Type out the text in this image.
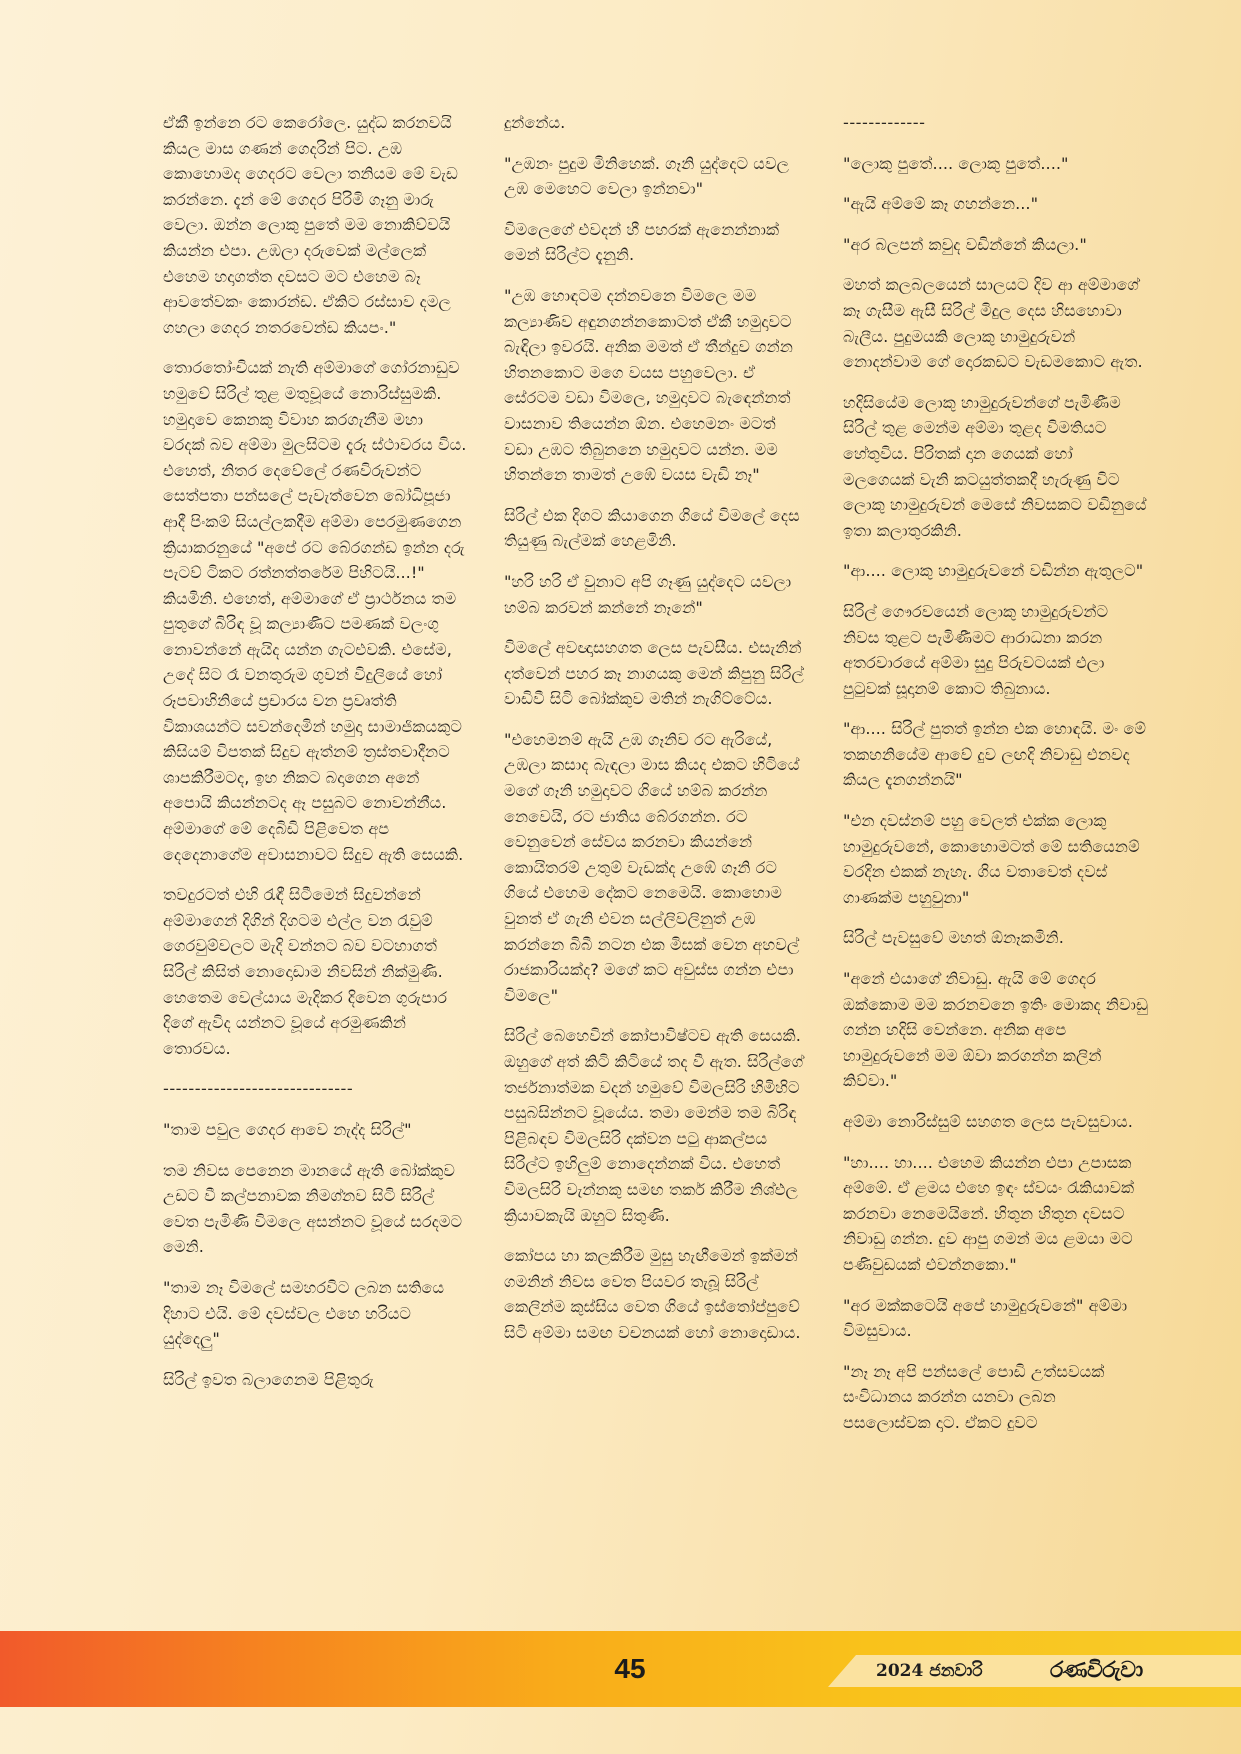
ඒකී ඉන්නෙ රට කෙරෝලෙ. යුද්ධ කරනවයි කියල මාස ගණන් ගෙදරින් පිට. උඹ කොහොමද ගෙදරට වෙලා තනියම මේ වැඩ කරන්නෙ. දැන් මේ ගෙදර පිරිමි ගෑනු මාරු වෙලා. ඔන්න ලොකු පුතේ මම නොකිව්වයි කියන්න එපා. උඹලා දරුවෙක් මල්ලෙක් එහෙම හදාගත්ත දවසට මට එහෙම බෑ ආවතේවකං කොරන්ඩ. ඒකිට රස්සාව දමල ගහලා ගෙදර නතරවෙන්ඩ කියපං."

තොරතෝංචියක් නැති අම්මාගේ ගෝරනාඩුව හමුවේ සිරිල් තුළ මතුවූයේ නොරිස්සුමකි. හමුදාවෙ කෙනකු විවාහ කරගැනීම මහා වරදක් බව අම්මා මුලසිටම දැරූ ස්ථාවරය විය. එහෙත්, නිතර දෙවේලේ රණවිරුවන්ට සෙත්පතා පන්සලේ පැවැත්වෙන බෝධිපූජා ආදී පිංකම් සියල්ලකදීම අම්මා පෙරමුණගෙන ක්‍රියාකරනුයේ "අපේ රට බේරගන්ඩ ඉන්න දරු පැටව් ටිකට රත්නත්තරේම පිහිටයි...!" කියමිනි. එහෙත්, අම්මාගේ ඒ ප්‍රාර්ථනය තම පුතුගේ බිරිඳ වූ කල්‍යාණිට පමණක් වලංගු නොවන්නේ ඇයිද යන්න ගැටළුවකි. එසේම, උදේ සිට රෑ වනතුරුම ගුවන් විදුලියේ හෝ රූපවාහිනියේ ප්‍රචාරය වන ප්‍රවෘත්ති විකාශයන්ට සවන්දෙමින් හමුදා සාමාජිකයකුට කිසියම් විපතක් සිදුව ඇත්නම් ත්‍රස්තවාදීනට ශාපකිරීමටද, ඉහ නිකට බදාගෙන අනේ අපොයි කියන්නටද ඈ පසුබට නොවන්නීය. අම්මාගේ මේ දෙබිඩි පිළිවෙත අප දෙදෙනාගේම අවාසනාවට සිදුව ඇති සෙයකි.

තවදුරටත් එහි රැඳී සිටීමෙන් සිදුවන්නේ අම්මාගෙන් දිගින් දිගටම එල්ල වන රැවුම් ගෙරවුම්වලට මැදි වන්නට බව වටහාගත් සිරිල් කිසිත් නොදොඩාම නිවසින් නික්මුණි. හෙතෙම වෙල්යාය මැදිකර දිවෙන ගුරුපාර දිගේ ඇවිද යන්නට වූයේ අරමුණකින් තොරවය.

------------------------------

"තාම පවුල ගෙදර ආවෙ නැද්ද සිරිල්"

තම නිවස පෙනෙන මානයේ ඇති බෝක්කුව උඩට වී කල්පනාවක නිමග්නව සිටි සිරිල් වෙත පැමිණි විමලෙ අසන්නට වූයේ සරදමට මෙනි.

"තාම නෑ විමලේ සමහරවිට ලබන සතියෙ දිහාට එයි. මේ දවස්වල එහෙ හරියට යුද්දෙලු"

සිරිල් ඉවත බලාගෙනම පිළිතුරු

දුන්නේය.

"උඹනං පුදුම මිනිහෙක්. ගෑනි යුද්දෙට යවල උඹ මෙහෙට වෙලා ඉන්නවා"

විමලෙගේ එවදන් හී පහරක් ඇනෙන්නාක් මෙන් සිරිල්ට දැනුනි.

"උඹ හොඳටම දන්නවනෙ විමලෙ මම කල්‍යාණිව අඳුනගන්නකොටත් ඒකී හමුදාවට බැඳිලා ඉවරයි. අනික මමත් ඒ තීන්දුව ගන්න හිතනකොට මගෙ වයස පහුවෙලා. ඒ සේරටම වඩා විමලෙ, හමුදාවට බැඳෙන්නත් වාසනාව තියෙන්න ඕන. එහෙමනං මටත් වඩා උඹට තිබුනනෙ හමුදාවට යන්න. මම හිතන්නෙ තාමත් උඹේ වයස වැඩි නෑ"

සිරිල් එක දිගට කියාගෙන ගියේ විමලේ දෙස තියුණු බැල්මක් හෙළමිනි.

"හරි හරි ඒ වුනාට අපි ගෑණු යුද්දෙට යවලා හම්බ කරවන් කන්නේ නෑනේ"

විමලේ අවඥාසහගත ලෙස පැවසීය. එසැනින් දත්වෙන් පහර කෑ නාගයකු මෙන් කිපුනු සිරිල් වාඩිවී සිටි බෝක්කුව මතින් නැගිට්ටේය.

"එහෙමනම් ඇයි උඹ ගෑනිව රට ඇරියේ, උඹලා කසාද බැඳලා මාස කියද එකට හිටියේ මගේ ගෑනි හමුදාවට ගියේ හම්බ කරන්න නෙවෙයි, රට ජාතිය බේරගන්න. රට වෙනුවෙන් සේවය කරනවා කියන්නේ කොයිතරම් උතුම් වැඩක්ද උඹේ ගෑනි රට ගියේ එහෙම දේකට නෙමෙයි. කොහොම වුනත් ඒ ගැනි එවන සල්ලිවලිනුත් උඹ කරන්නෙ බිබී නටන එක මිසක් වෙන අහවල් රාජකාරියක්ද? මගේ කට අවුස්ස ගන්න එපා විමලෙ"

සිරිල් බෙහෙවින් කෝපාවිෂ්ටව ඇති සෙයකි. ඔහුගේ අත් කිටි කිටියේ තද වී ඇත. සිරිල්ගේ තර්ජනාත්මක වදන් හමුවේ විමලසිරි හිමිහිට පසුබසින්නට වූයේය. තමා මෙන්ම තම බිරිඳ පිළිබඳව විමලසිරි දක්වන පටු ආකල්පය සිරිල්ට ඉහිලුම් නොදෙන්නක් විය. එහෙත් විමලසිරි වැන්නකු සමඟ තර්ක කිරීම නිශ්ඵල ක්‍රියාවකැයි ඔහුට සිතුණි.

කෝපය හා කලකිරීම මුසු හැඟීමෙන් ඉක්මන් ගමනින් නිවස වෙත පියවර තැබූ සිරිල් කෙලින්ම කුස්සිය වෙත ගියේ ඉස්තෝප්පුවේ සිටි අම්මා සමඟ වචනයක් හෝ නොදොඩාය.

-------------

"ලොකු පුතේ.... ලොකු පුතේ...."

"ඇයි අම්මේ කෑ ගහන්නෙ..."

"අර බලපන් කවුද වඩින්නේ කියලා."

මහත් කලබලයෙන් සාලයට දිව ආ අම්මාගේ කෑ ගැසීම ඇසී සිරිල් මිදුල දෙස හිසහොවා බැලීය. පුදුමයකි ලොකු හාමුදුරුවන් නොදන්වාම ගේ දොරකඩට වැඩමකොට ඇත.

හදිසියේම ලොකු හාමුදුරුවන්ගේ පැමිණීම සිරිල් තුළ මෙන්ම අම්මා තුළද විමතියට හේතුවිය. පිරිතක් දාන ගෙයක් හෝ මලගෙයක් වැනි කටයුත්තකදී හැරුණු විට ලොකු හාමුදුරුවන් මෙසේ නිවසකට වඩිනුයේ ඉතා කලාතුරකිනි.

"ආ.... ලොකු හාමුදුරුවනේ වඩින්න ඇතුලට"

සිරිල් ගෞරවයෙන් ලොකු හාමුදුරුවන්ට නිවස තුළට පැමිණීමට ආරාධනා කරන අතරවාරයේ අම්මා සුදු පිරුවටයක් එලා පුටුවක් සූදානම් කොට තිබුනාය.

"ආ.... සිරිල් පුතත් ඉන්න එක හොඳයි. මං මේ තකහනියේම ආවේ දුව ලඟදි නිවාඩු එනවද කියල දැනගන්නයි"

"එන දවස්නම් පහු වෙලත් එක්ක ලොකු හාමුදුරුවනේ, කොහොමටත් මේ සතියෙනම් වරදින එකක් නැහැ. ගිය වතාවෙත් දවස් ගාණක්ම පහුවුනා"

සිරිල් පැවසුවේ මහත් ඕනෑකමිනි.

"අනේ එයාගේ නිවාඩු. ඇයි මේ ගෙදර ඔක්කොම මම කරනවනෙ ඉතිං මොකද නිවාඩු ගන්න හදිසි වෙන්නෙ. අනික අපෙ හාමුදුරුවනේ මම ඕවා කරගන්න කලින් කිව්වා."

අම්මා නොරිස්සුම් සහගත ලෙස පැවසුවාය.

"හා.... හා.... එහෙම කියන්න එපා උපාසක අම්මේ. ඒ ළමය එහෙ ඉඳං ස්වයං රැකියාවක් කරනවා නෙමෙයිනේ. හිතුන හිතුන දවසට නිවාඩු ගන්න. දුව ආපු ගමන් මය ළමයා මට පණිවුඩයක් එවන්නකො."

"අර මක්කටෙයි අපේ හාමුදුරුවනේ" අම්මා විමසුවාය.

"නෑ නෑ අපි පන්සලේ පොඩි උත්සවයක් සංවිධානය කරන්න යනවා ලබන පසලොස්වක දාට. ඒකට දුවට

45	2024 ජනවාරි	රණවිරුවා
